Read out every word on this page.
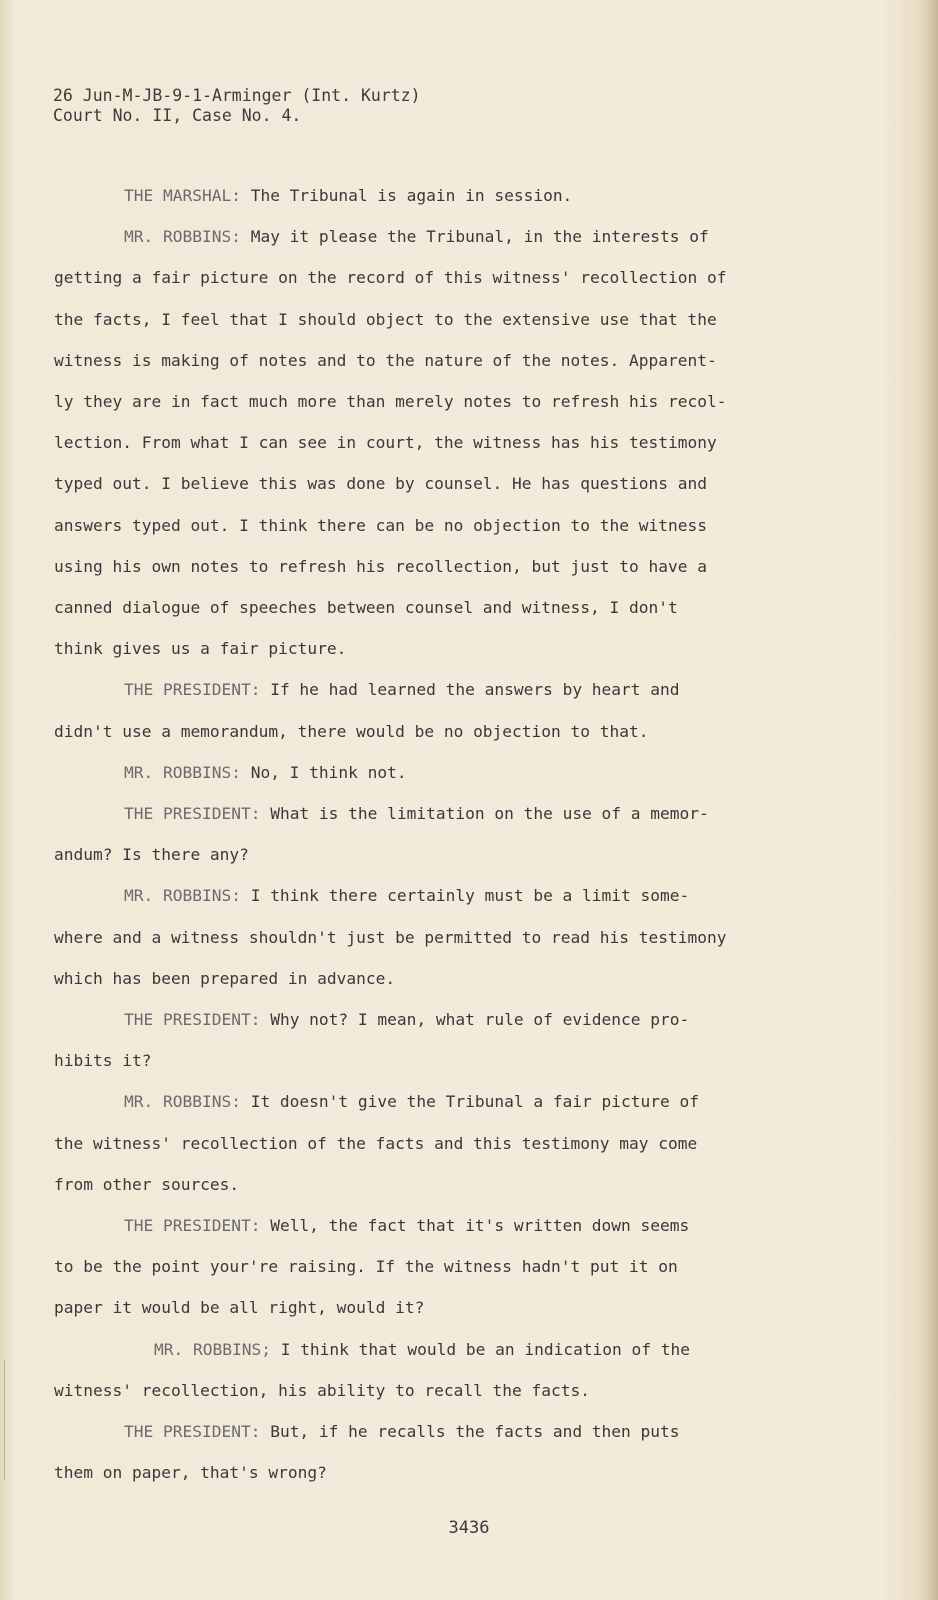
26 Jun-M-JB-9-1-Arminger (Int. Kurtz)
Court No. II, Case No. 4.

THE MARSHAL: The Tribunal is again in session.

MR. ROBBINS: May it please the Tribunal, in the interests of

getting a fair picture on the record of this witness' recollection of

the facts, I feel that I should object to the extensive use that the

witness is making of notes and to the nature of the notes. Apparent-

ly they are in fact much more than merely notes to refresh his recol-

lection. From what I can see in court, the witness has his testimony

typed out. I believe this was done by counsel. He has questions and

answers typed out. I think there can be no objection to the witness

using his own notes to refresh his recollection, but just to have a

canned dialogue of speeches between counsel and witness, I don't

think gives us a fair picture.

THE PRESIDENT: If he had learned the answers by heart and

didn't use a memorandum, there would be no objection to that.

MR. ROBBINS: No, I think not.

THE PRESIDENT: What is the limitation on the use of a memor-

andum? Is there any?

MR. ROBBINS: I think there certainly must be a limit some-

where and a witness shouldn't just be permitted to read his testimony

which has been prepared in advance.

THE PRESIDENT: Why not? I mean, what rule of evidence pro-

hibits it?

MR. ROBBINS: It doesn't give the Tribunal a fair picture of

the witness' recollection of the facts and this testimony may come

from other sources.

THE PRESIDENT: Well, the fact that it's written down seems

to be the point your're raising. If the witness hadn't put it on

paper it would be all right, would it?

MR. ROBBINS; I think that would be an indication of the

witness' recollection, his ability to recall the facts.

THE PRESIDENT: But, if he recalls the facts and then puts

them on paper, that's wrong?

3436
